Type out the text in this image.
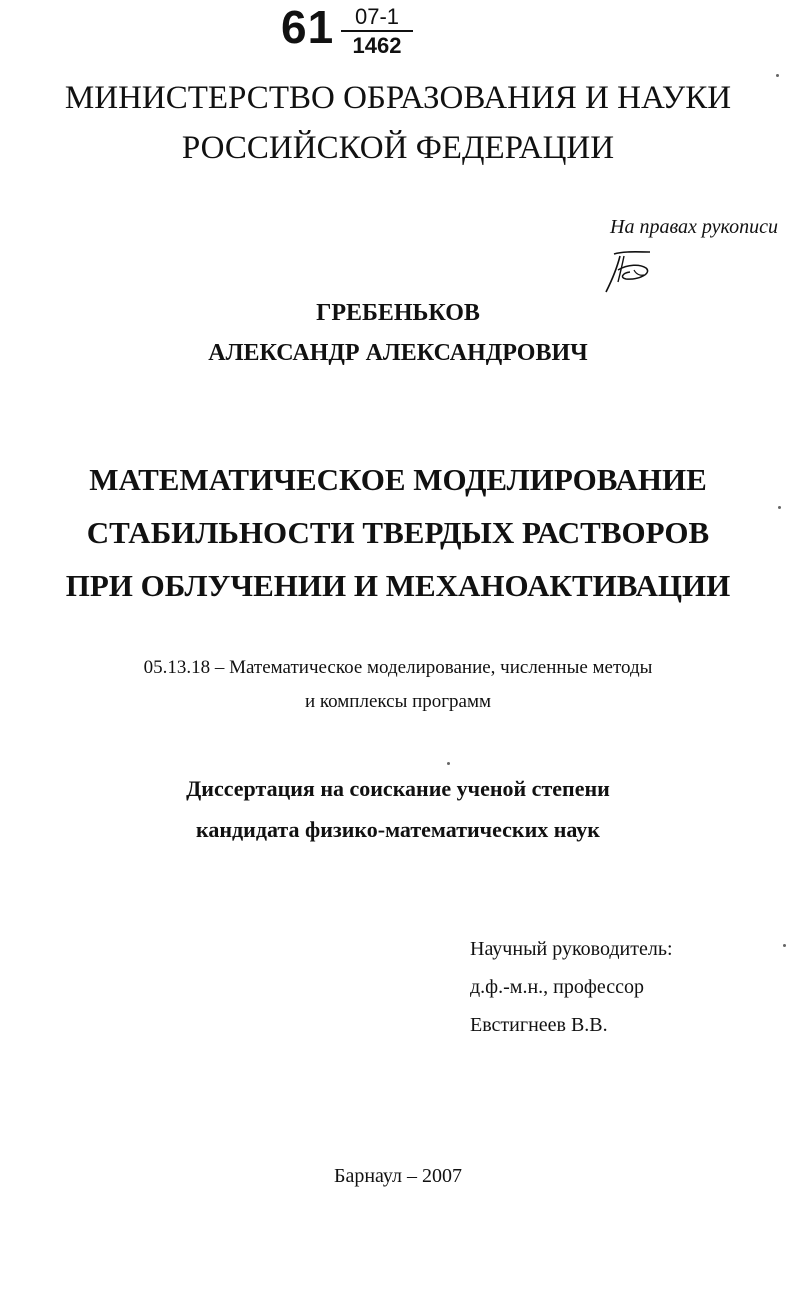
61 07-1
1462
МИНИСТЕРСТВО ОБРАЗОВАНИЯ И НАУКИ
РОССИЙСКОЙ ФЕДЕРАЦИИ
На правах рукописи
ГРЕБЕНЬКОВ
АЛЕКСАНДР АЛЕКСАНДРОВИЧ
МАТЕМАТИЧЕСКОЕ МОДЕЛИРОВАНИЕ
СТАБИЛЬНОСТИ ТВЕРДЫХ РАСТВОРОВ
ПРИ ОБЛУЧЕНИИ И МЕХАНОАКТИВАЦИИ
05.13.18 – Математическое моделирование, численные методы
и комплексы программ
Диссертация на соискание ученой степени
кандидата физико-математических наук
Научный руководитель:
д.ф.-м.н., профессор
Евстигнеев В.В.
Барнаул – 2007
